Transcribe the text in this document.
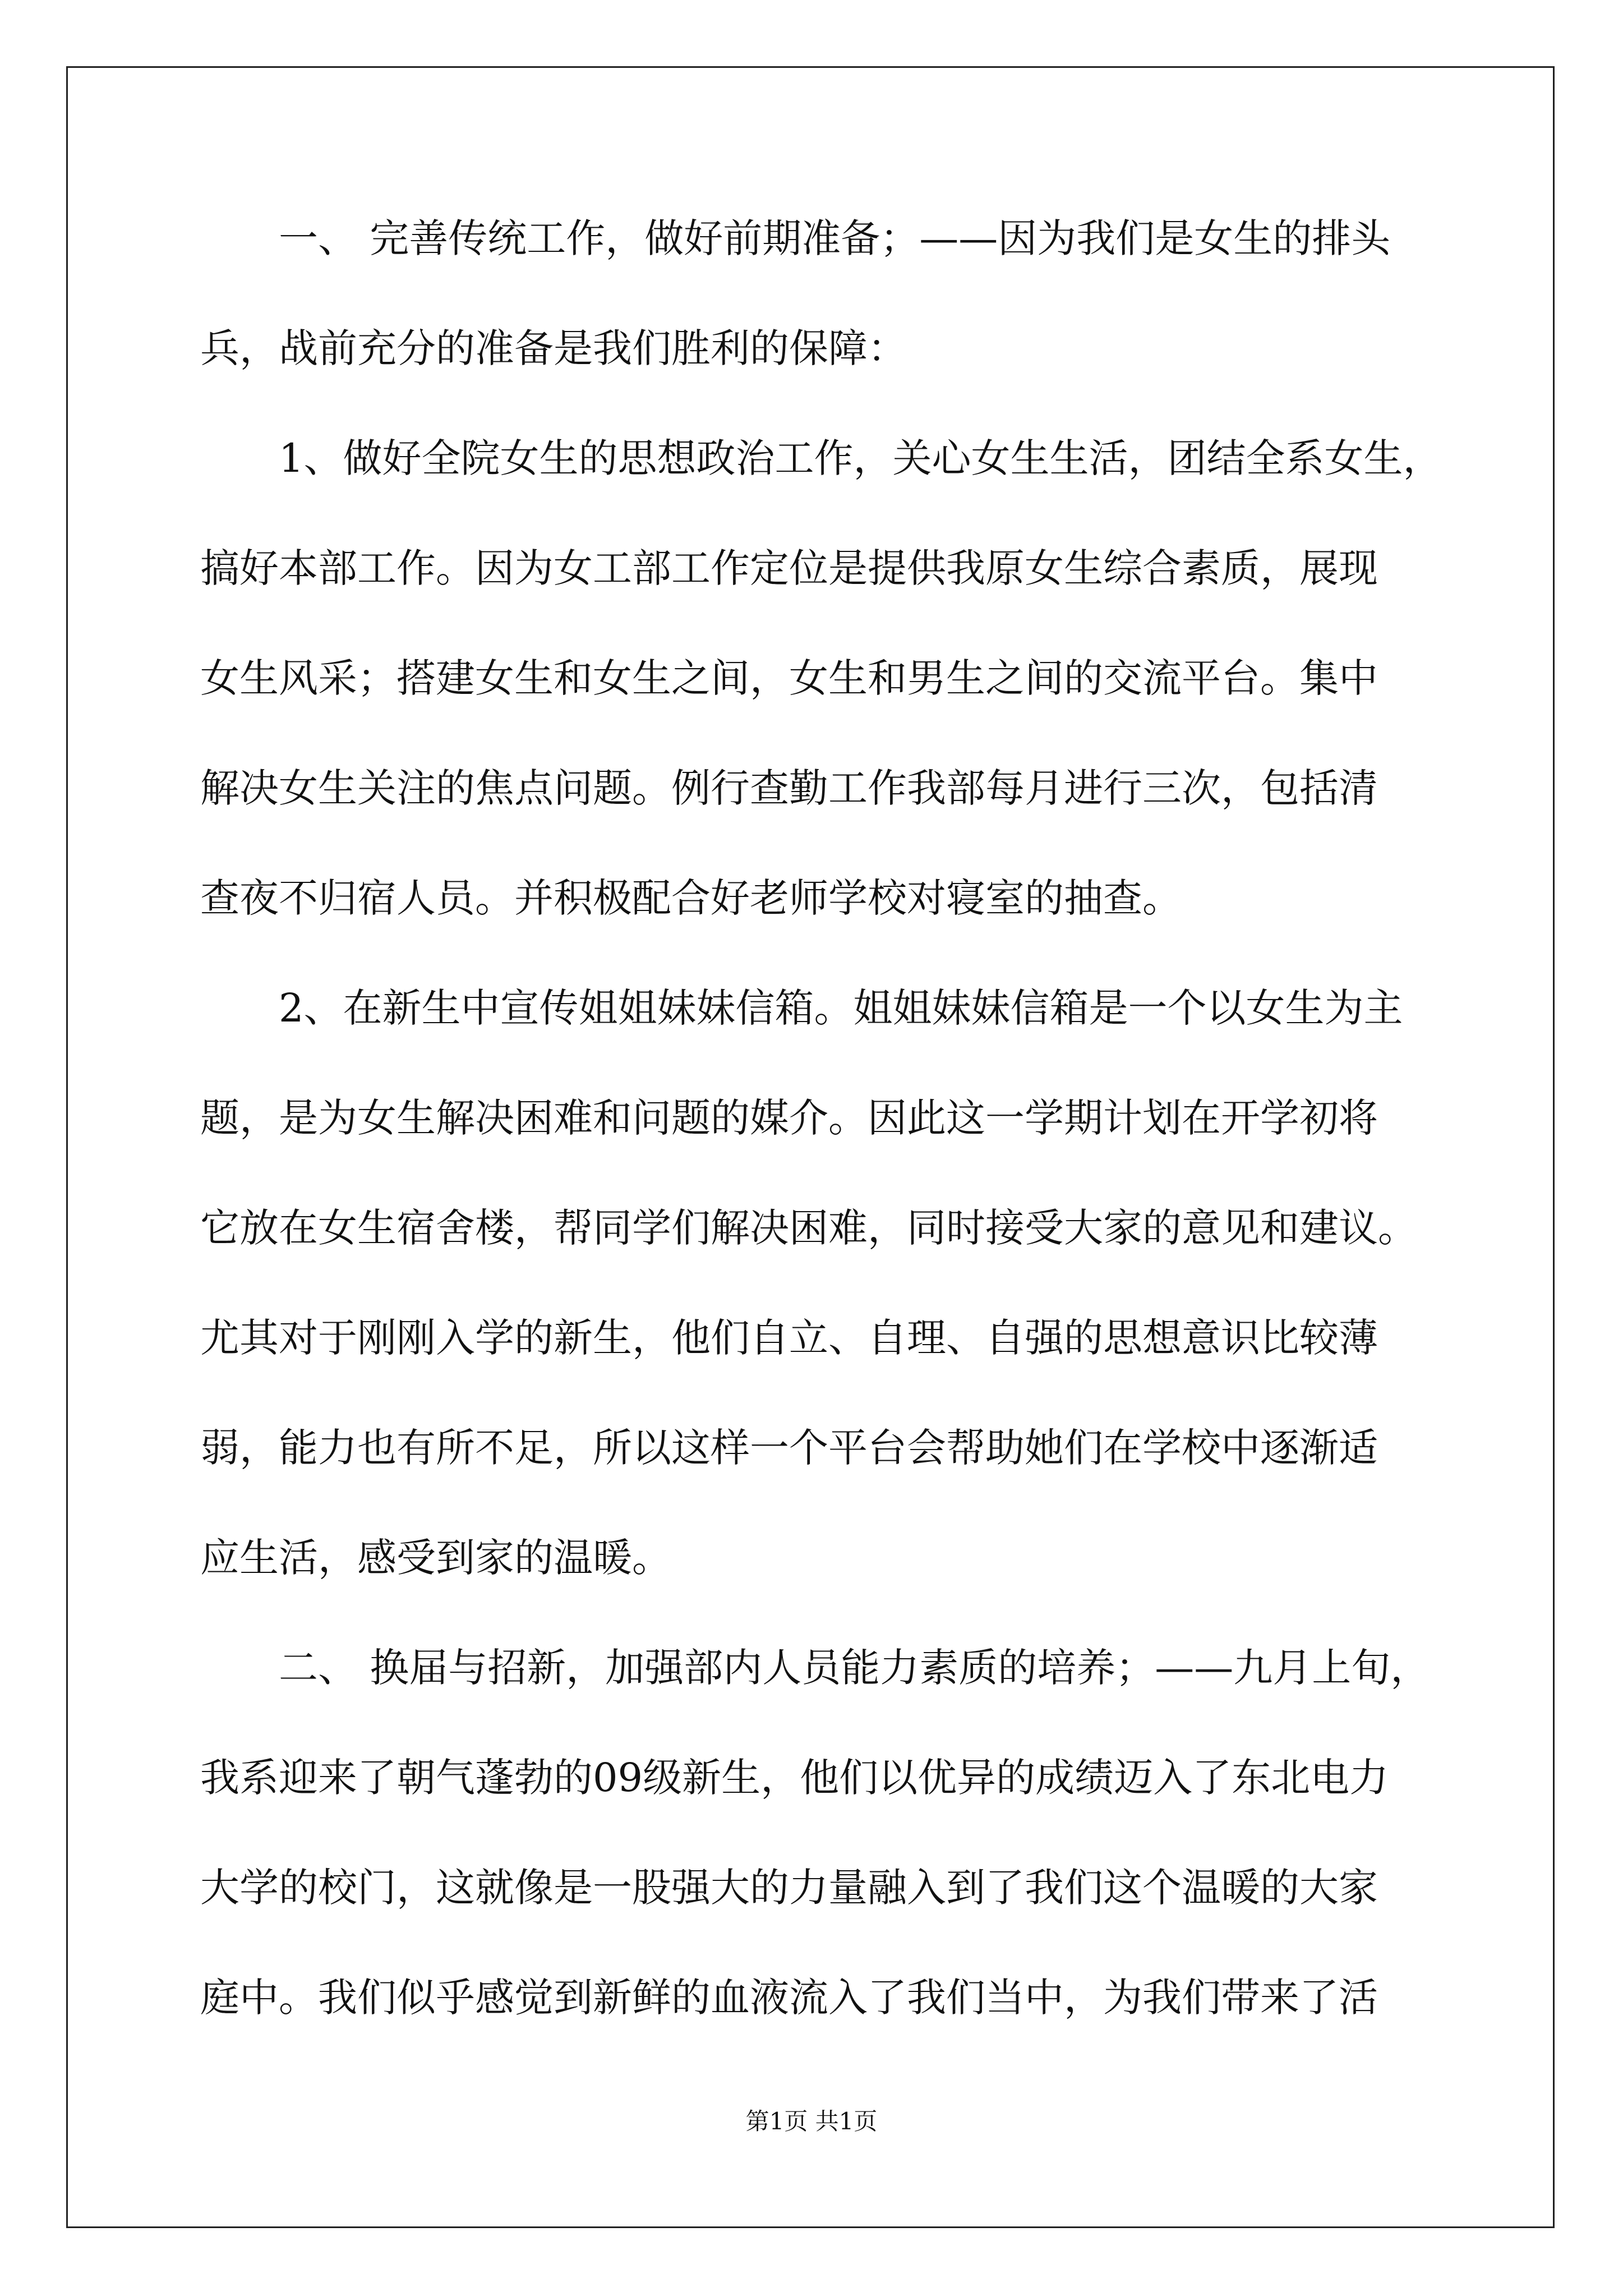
　　一、 完善传统工作，做好前期准备；——因为我们是女生的排头
兵，战前充分的准备是我们胜利的保障：
　　1、做好全院女生的思想政治工作，关心女生生活，团结全系女生，
搞好本部工作。因为女工部工作定位是提供我原女生综合素质，展现
女生风采；搭建女生和女生之间，女生和男生之间的交流平台。集中
解决女生关注的焦点问题。例行查勤工作我部每月进行三次，包括清
查夜不归宿人员。并积极配合好老师学校对寝室的抽查。
　　2、在新生中宣传姐姐妹妹信箱。姐姐妹妹信箱是一个以女生为主
题，是为女生解决困难和问题的媒介。因此这一学期计划在开学初将
它放在女生宿舍楼，帮同学们解决困难，同时接受大家的意见和建议。
尤其对于刚刚入学的新生，他们自立、自理、自强的思想意识比较薄
弱，能力也有所不足，所以这样一个平台会帮助她们在学校中逐渐适
应生活，感受到家的温暖。
　　二、 换届与招新，加强部内人员能力素质的培养；——九月上旬，
我系迎来了朝气蓬勃的09级新生，他们以优异的成绩迈入了东北电力
大学的校门，这就像是一股强大的力量融入到了我们这个温暖的大家
庭中。我们似乎感觉到新鲜的血液流入了我们当中，为我们带来了活
第1页 共1页
